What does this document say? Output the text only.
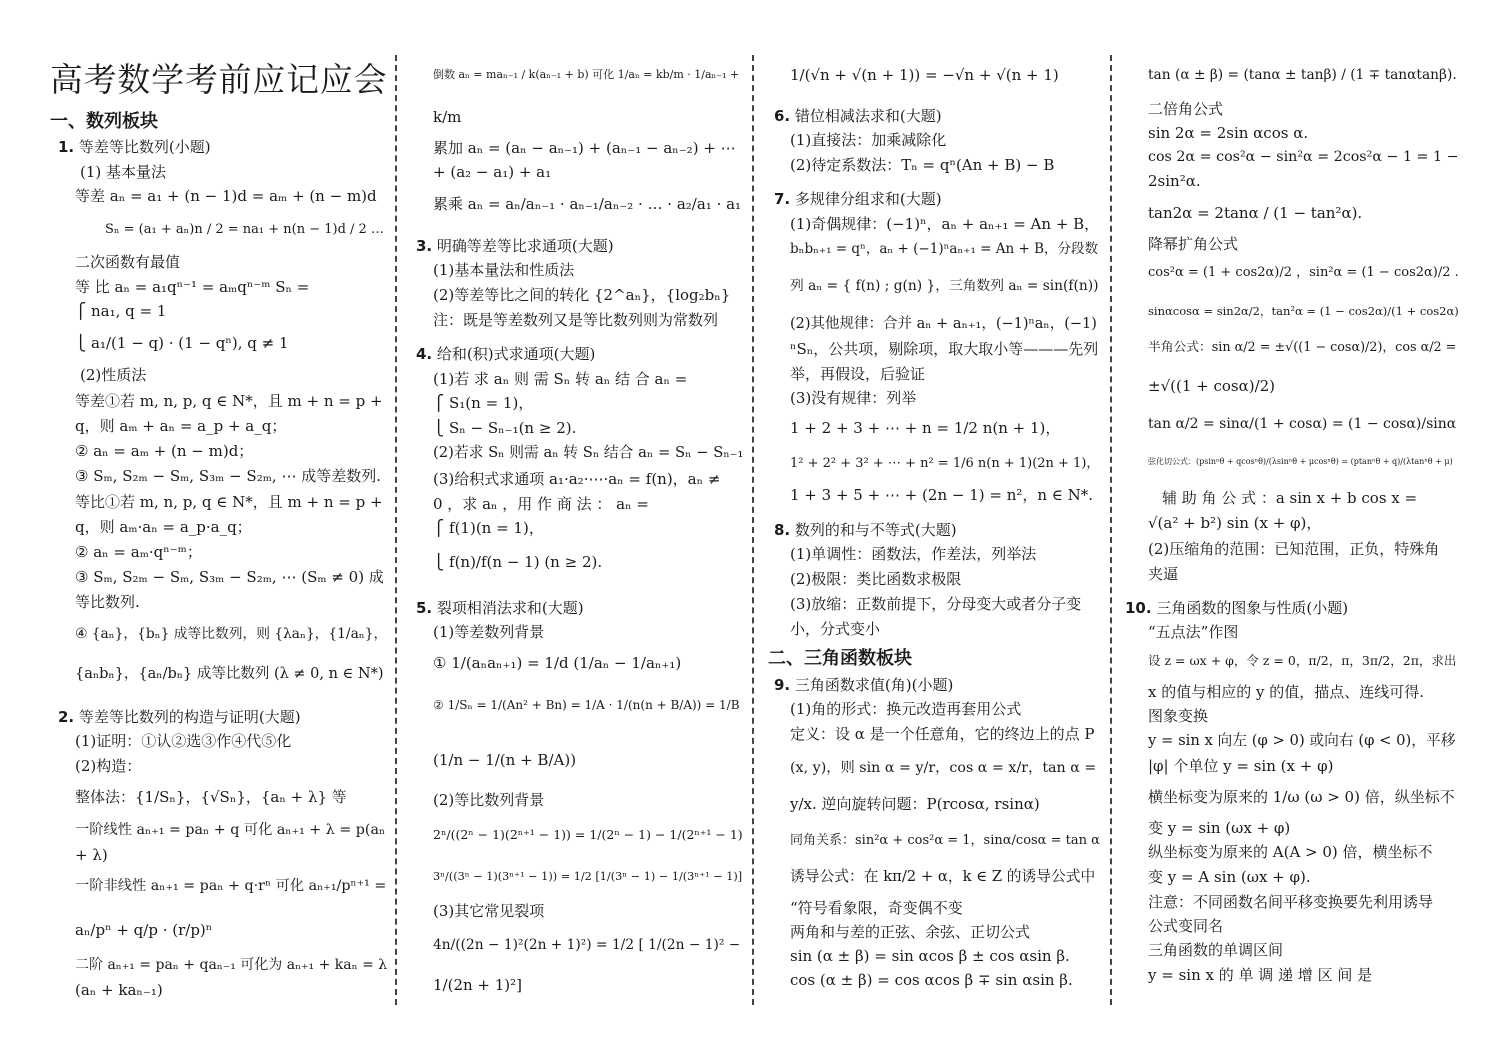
高考数学考前应记应会
一、数列板块
1. 等差等比数列(小题)
(1) 基本量法
等差 aₙ = a₁ + (n − 1)d = aₘ + (n − m)d
Sₙ = (a₁ + aₙ)n / 2 = na₁ + n(n − 1)d / 2 …
二次函数有最值
等 比 aₙ = a₁qⁿ⁻¹ = aₘqⁿ⁻ᵐ Sₙ =
⎧ na₁, q = 1
⎩ a₁/(1 − q) · (1 − qⁿ), q ≠ 1
(2)性质法
等差①若 m, n, p, q ∈ N*，且 m + n = p +
q，则 aₘ + aₙ = a_p + a_q；
② aₙ = aₘ + (n − m)d；
③ Sₘ, S₂ₘ − Sₘ, S₃ₘ − S₂ₘ, ⋯ 成等差数列.
等比①若 m, n, p, q ∈ N*，且 m + n = p +
q，则 aₘ·aₙ = a_p·a_q；
② aₙ = aₘ·qⁿ⁻ᵐ；
③ Sₘ, S₂ₘ − Sₘ, S₃ₘ − S₂ₘ, ⋯ (Sₘ ≠ 0) 成
等比数列.
④ {aₙ}，{bₙ} 成等比数列，则 {λaₙ}，{1/aₙ}，
{aₙbₙ}，{aₙ/bₙ} 成等比数列 (λ ≠ 0, n ∈ N*)
2. 等差等比数列的构造与证明(大题)
(1)证明：①认②选③作④代⑤化
(2)构造：
整体法：{1/Sₙ}，{√Sₙ}，{aₙ + λ} 等
一阶线性 aₙ₊₁ = paₙ + q 可化 aₙ₊₁ + λ = p(aₙ
+ λ)
一阶非线性 aₙ₊₁ = paₙ + q·rⁿ 可化 aₙ₊₁/pⁿ⁺¹ =
aₙ/pⁿ + q/p · (r/p)ⁿ
二阶 aₙ₊₁ = paₙ + qaₙ₋₁ 可化为 aₙ₊₁ + kaₙ = λ
(aₙ + kaₙ₋₁)
倒数 aₙ = maₙ₋₁ / k(aₙ₋₁ + b) 可化 1/aₙ = kb/m · 1/aₙ₋₁ +
k/m
累加 aₙ = (aₙ − aₙ₋₁) + (aₙ₋₁ − aₙ₋₂) + ⋯
+ (a₂ − a₁) + a₁
累乘 aₙ = aₙ/aₙ₋₁ · aₙ₋₁/aₙ₋₂ · … · a₂/a₁ · a₁
3. 明确等差等比求通项(大题)
(1)基本量法和性质法
(2)等差等比之间的转化 {2^aₙ}，{log₂bₙ}
注：既是等差数列又是等比数列则为常数列
4. 给和(积)式求通项(大题)
(1)若 求 aₙ 则 需 Sₙ 转 aₙ 结 合 aₙ =
⎧ S₁(n = 1)，
⎩ Sₙ − Sₙ₋₁(n ≥ 2).
(2)若求 Sₙ 则需 aₙ 转 Sₙ 结合 aₙ = Sₙ − Sₙ₋₁
(3)给积式求通项 a₁·a₂·⋯·aₙ = f(n)，aₙ ≠
0 ，求 aₙ ，用 作 商 法 ： aₙ =
⎧ f(1)(n = 1)，
⎩ f(n)/f(n − 1) (n ≥ 2).
5. 裂项相消法求和(大题)
(1)等差数列背景
① 1/(aₙaₙ₊₁) = 1/d (1/aₙ − 1/aₙ₊₁)
② 1/Sₙ = 1/(An² + Bn) = 1/A · 1/(n(n + B/A)) = 1/B
(1/n − 1/(n + B/A))
(2)等比数列背景
2ⁿ/((2ⁿ − 1)(2ⁿ⁺¹ − 1)) = 1/(2ⁿ − 1) − 1/(2ⁿ⁺¹ − 1)
3ⁿ/((3ⁿ − 1)(3ⁿ⁺¹ − 1)) = 1/2 [1/(3ⁿ − 1) − 1/(3ⁿ⁺¹ − 1)]
(3)其它常见裂项
4n/((2n − 1)²(2n + 1)²) = 1/2 [ 1/(2n − 1)² −
1/(2n + 1)²]
1/(√n + √(n + 1)) = −√n + √(n + 1)
6. 错位相减法求和(大题)
(1)直接法：加乘减除化
(2)待定系数法：Tₙ = qⁿ(An + B) − B
7. 多规律分组求和(大题)
(1)奇偶规律：(−1)ⁿ，aₙ + aₙ₊₁ = An + B，
bₙbₙ₊₁ = qⁿ，aₙ + (−1)ⁿaₙ₊₁ = An + B，分段数
列 aₙ = { f(n) ; g(n) }，三角数列 aₙ = sin(f(n))
(2)其他规律：合并 aₙ + aₙ₊₁，(−1)ⁿaₙ，(−1)
ⁿSₙ，公共项，剔除项，取大取小等———先列
举，再假设，后验证
(3)没有规律：列举
1 + 2 + 3 + ⋯ + n = 1/2 n(n + 1)，
1² + 2² + 3² + ⋯ + n² = 1/6 n(n + 1)(2n + 1)，
1 + 3 + 5 + ⋯ + (2n − 1) = n²，n ∈ N*.
8. 数列的和与不等式(大题)
(1)单调性：函数法，作差法，列举法
(2)极限：类比函数求极限
(3)放缩：正数前提下，分母变大或者分子变
小，分式变小
二、三角函数板块
9. 三角函数求值(角)(小题)
(1)角的形式：换元改造再套用公式
定义：设 α 是一个任意角，它的终边上的点 P
(x, y)，则 sin α = y/r，cos α = x/r，tan α =
y/x. 逆向旋转问题：P(rcosα, rsinα)
同角关系：sin²α + cos²α = 1，sinα/cosα = tan α
诱导公式：在 kπ/2 + α，k ∈ Z 的诱导公式中
“符号看象限，奇变偶不变
两角和与差的正弦、余弦、正切公式
sin (α ± β) = sin αcos β ± cos αsin β.
cos (α ± β) = cos αcos β ∓ sin αsin β.
tan (α ± β) = (tanα ± tanβ) / (1 ∓ tanαtanβ).
二倍角公式
sin 2α = 2sin αcos α.
cos 2α = cos²α − sin²α = 2cos²α − 1 = 1 −
2sin²α.
tan2α = 2tanα / (1 − tan²α).
降幂扩角公式
cos²α = (1 + cos2α)/2 ，sin²α = (1 − cos2α)/2 .
sinαcosα = sin2α/2，tan²α = (1 − cos2α)/(1 + cos2α)
半角公式：sin α/2 = ±√((1 − cosα)/2)，cos α/2 =
±√((1 + cosα)/2)
tan α/2 = sinα/(1 + cosα) = (1 − cosα)/sinα
弦化切公式：(psinⁿθ + qcosⁿθ)/(λsinⁿθ + μcosⁿθ) = (ptanⁿθ + q)/(λtanⁿθ + μ)
辅 助 角 公 式 ：a sin x + b cos x =
√(a² + b²) sin (x + φ)，
(2)压缩角的范围：已知范围，正负，特殊角
夹逼
10. 三角函数的图象与性质(小题)
“五点法”作图
设 z = ωx + φ，令 z = 0，π/2，π，3π/2，2π，求出
x 的值与相应的 y 的值，描点、连线可得.
图象变换
y = sin x 向左 (φ > 0) 或向右 (φ < 0)，平移
|φ| 个单位 y = sin (x + φ)
横坐标变为原来的 1/ω (ω > 0) 倍，纵坐标不
变 y = sin (ωx + φ)
纵坐标变为原来的 A(A > 0) 倍，横坐标不
变 y = A sin (ωx + φ).
注意：不同函数名间平移变换要先利用诱导
公式变同名
三角函数的单调区间
y = sin x 的 单 调 递 增 区 间 是
